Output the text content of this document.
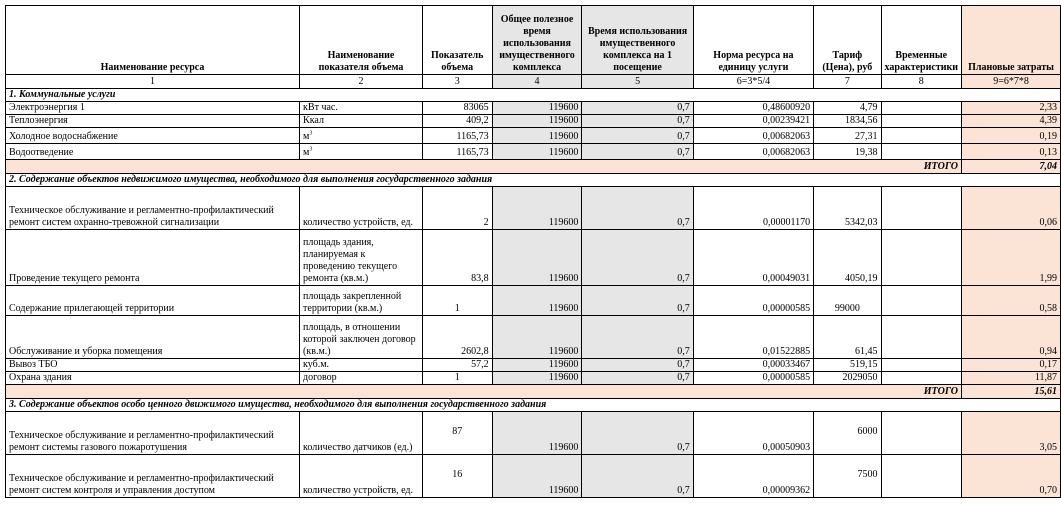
Наименование ресурса	Наименование показателя объема	Показатель объема	Общее полезное время использования имущественного комплекса	Время использования имущественного комплекса на 1 посещение	Норма ресурса на единицу услуги	Тариф (Цена), руб	Временные характеристики	Плановые затраты
1	2	3	4	5	6=3*5/4	7	8	9=6*7*8
1. Коммунальные услуги								
Электроэнергия 1	кВт час.	83065	119600	0,7	0,48600920	4,79		2,33
Теплоэнергия	Ккал	409,2	119600	0,7	0,00239421	1834,56		4,39
Холодное водоснабжение	$м^3$	1165,73	119600	0,7	0,00682063	27,31		0,19
Водоотведение	$м^3$	1165,73	119600	0,7	0,00682063	19,38		0,13
ИТОГО								7,04
2. Содержание объектов недвижимого имущества, необходимого для выполнения государственного задания								
Техническое обслуживание и регламентно-профилактический ремонт систем охранно-тревожной сигнализации	количество устройств, ед.	2	119600	0,7	0,00001170	5342,03		0,06
Проведение текущего ремонта	площадь здания, планируемая к проведению текущего ремонта (кв.м.)	83,8	119600	0,7	0,00049031	4050,19		1,99
Содержание прилегающей территории	площадь закрепленной территории (кв.м.)	1	119600	0,7	0,00000585	99000		0,58
Обслуживание и уборка помещения	площадь, в отношении которой заключен договор (кв.м.)	2602,8	119600	0,7	0,01522885	61,45		0,94
Вывоз ТБО	куб.м.	57,2	119600	0,7	0,00033467	519,15		0,17
Охрана здания	договор	1	119600	0,7	0,00000585	2029050		11,87
ИТОГО								15,61
3. Содержание объектов особо ценного движимого имущества, необходимого для выполнения государственного задания								
Техническое обслуживание и регламентно-профилактический ремонт системы газового пожаротушения	количество датчиков (ед.)	87	119600	0,7	0,00050903	6000		3,05
Техническое обслуживание и регламентно-профилактический ремонт систем контроля и управления доступом	количество устройств, ед.	16	119600	0,7	0,00009362	7500		0,70
